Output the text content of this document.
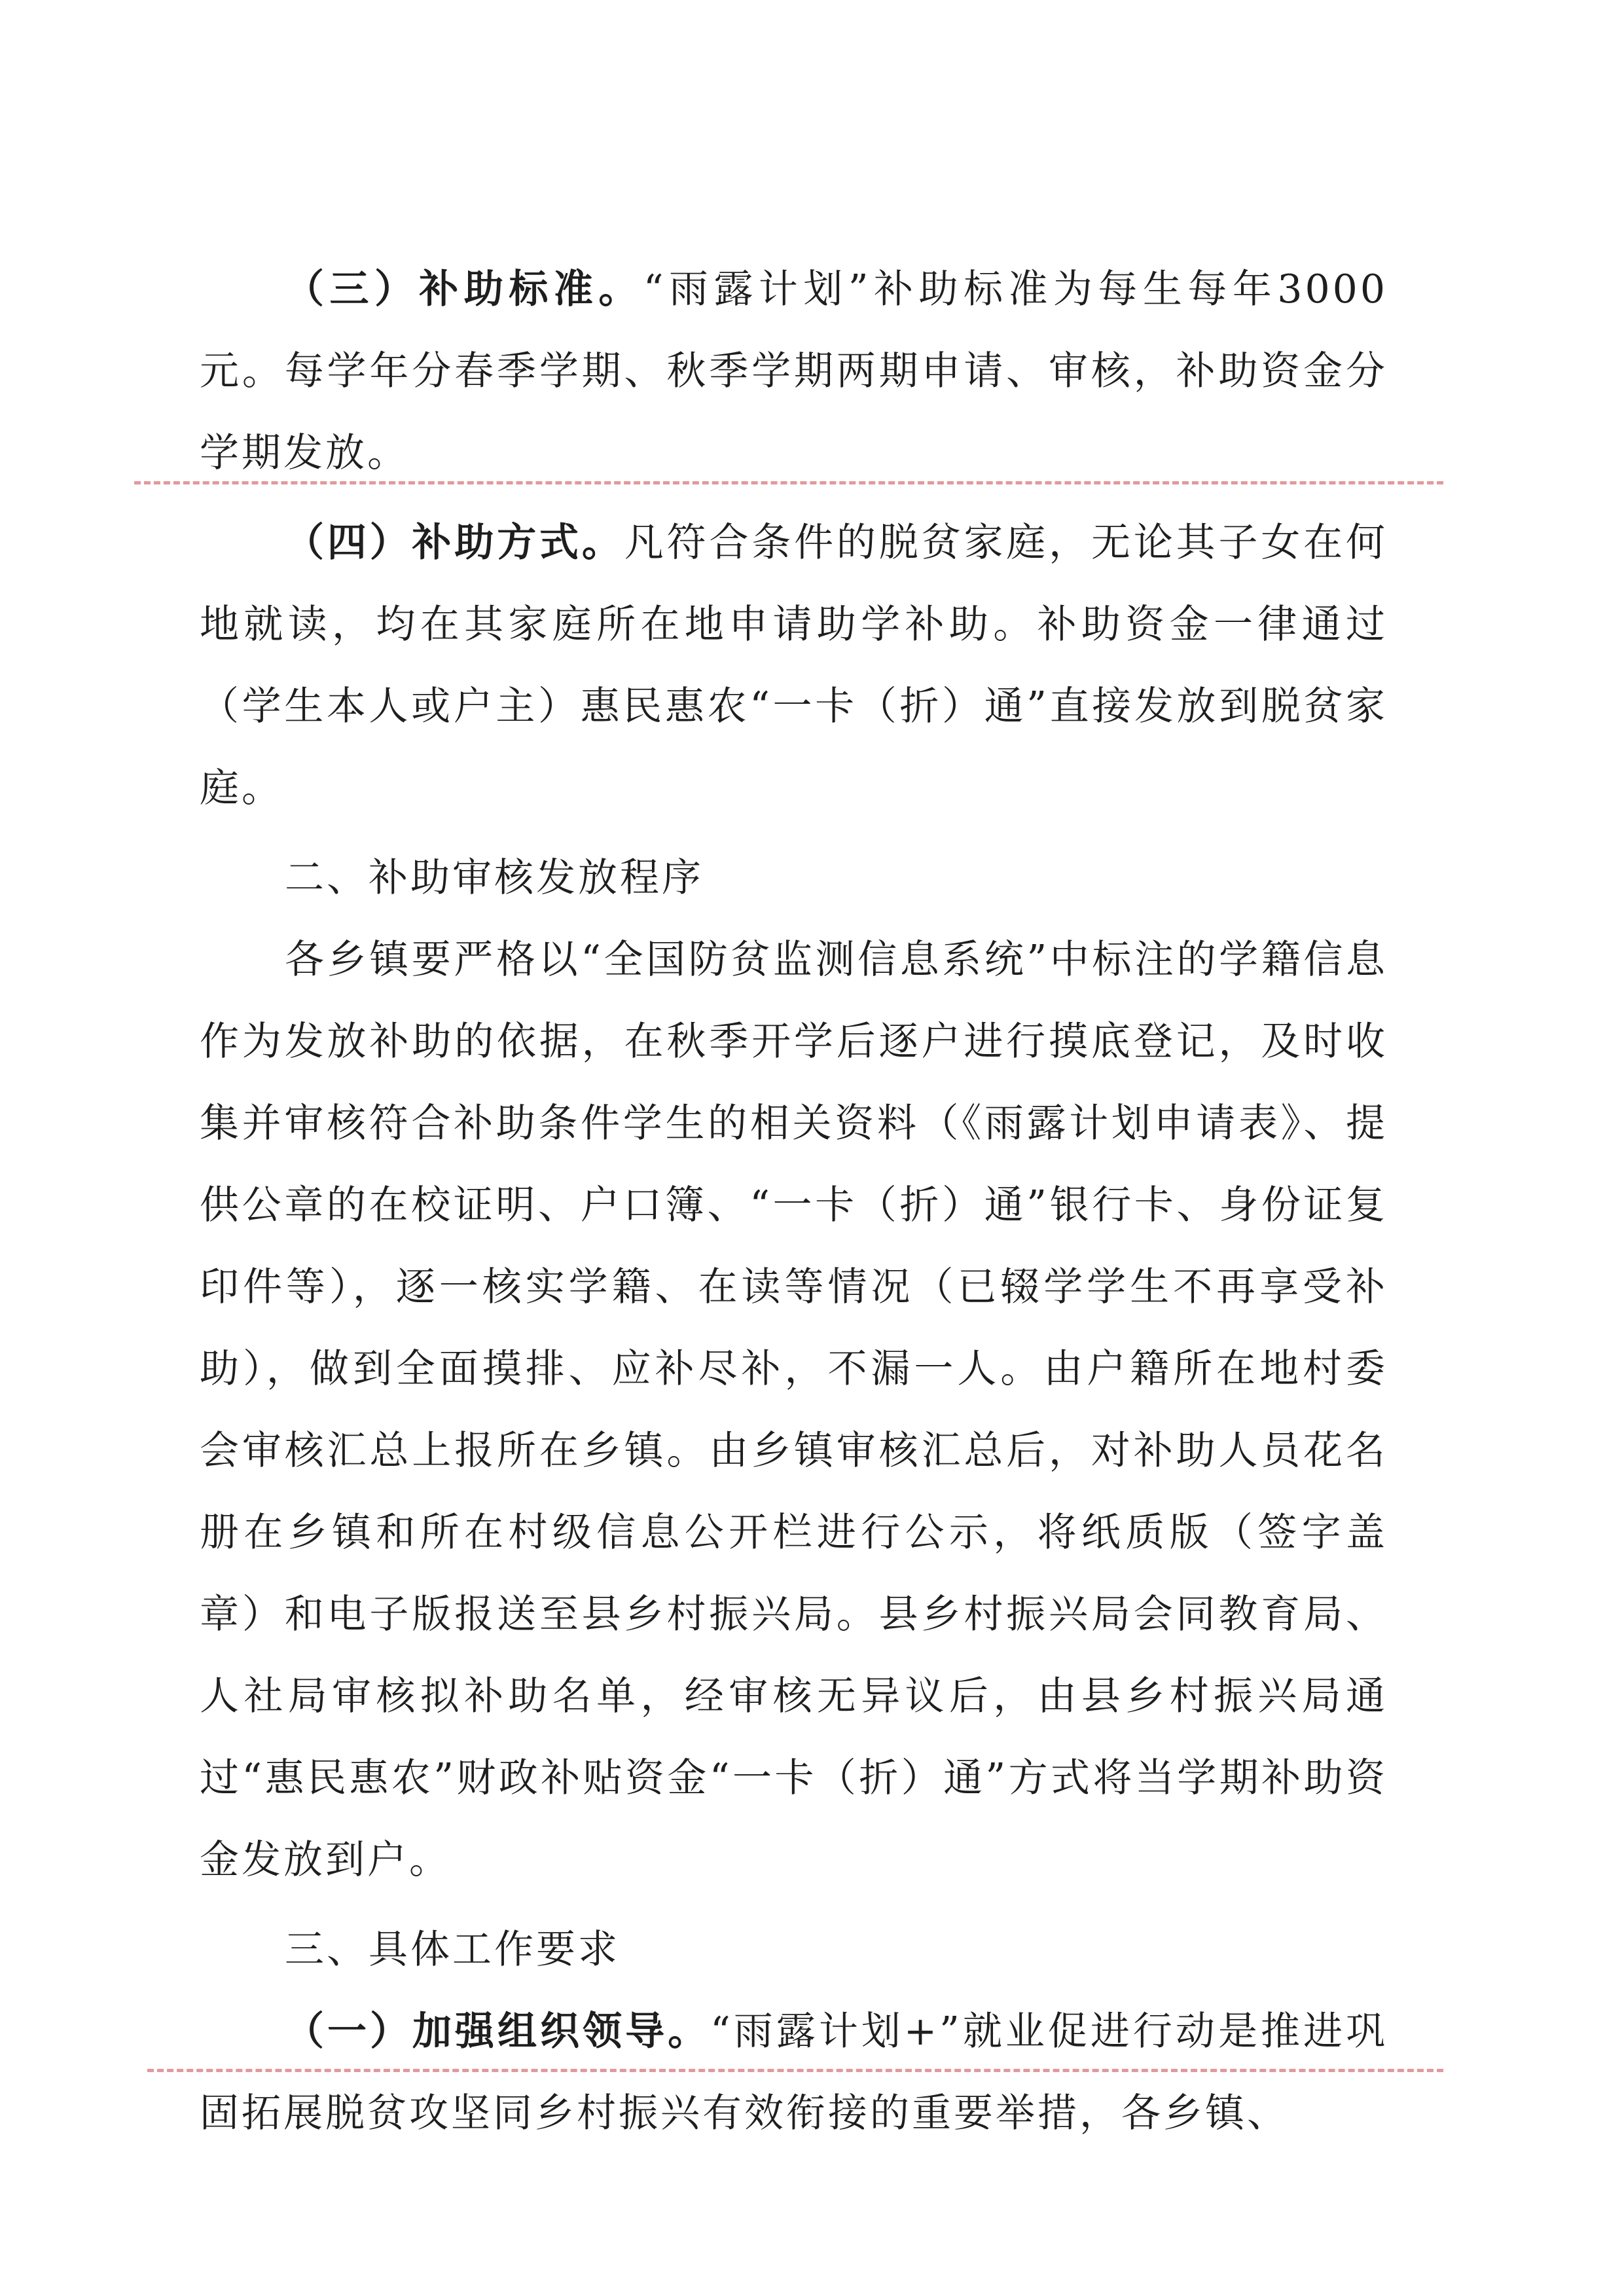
（三）补助标准。“雨露计划”补助标准为每生每年3000元。每学年分春季学期、秋季学期两期申请、审核，补助资金分学期发放。

（四）补助方式。凡符合条件的脱贫家庭，无论其子女在何地就读，均在其家庭所在地申请助学补助。补助资金一律通过（学生本人或户主）惠民惠农“一卡（折）通”直接发放到脱贫家庭。

二、补助审核发放程序

各乡镇要严格以“全国防贫监测信息系统”中标注的学籍信息作为发放补助的依据，在秋季开学后逐户进行摸底登记，及时收集并审核符合补助条件学生的相关资料（《雨露计划申请表》、提供公章的在校证明、户口簿、“一卡（折）通”银行卡、身份证复印件等），逐一核实学籍、在读等情况（已辍学学生不再享受补助），做到全面摸排、应补尽补，不漏一人。由户籍所在地村委会审核汇总上报所在乡镇。由乡镇审核汇总后，对补助人员花名册在乡镇和所在村级信息公开栏进行公示，将纸质版（签字盖章）和电子版报送至县乡村振兴局。县乡村振兴局会同教育局、人社局审核拟补助名单，经审核无异议后，由县乡村振兴局通过“惠民惠农”财政补贴资金“一卡（折）通”方式将当学期补助资金发放到户。

三、具体工作要求

（一）加强组织领导。“雨露计划+”就业促进行动是推进巩固拓展脱贫攻坚同乡村振兴有效衔接的重要举措，各乡镇、
